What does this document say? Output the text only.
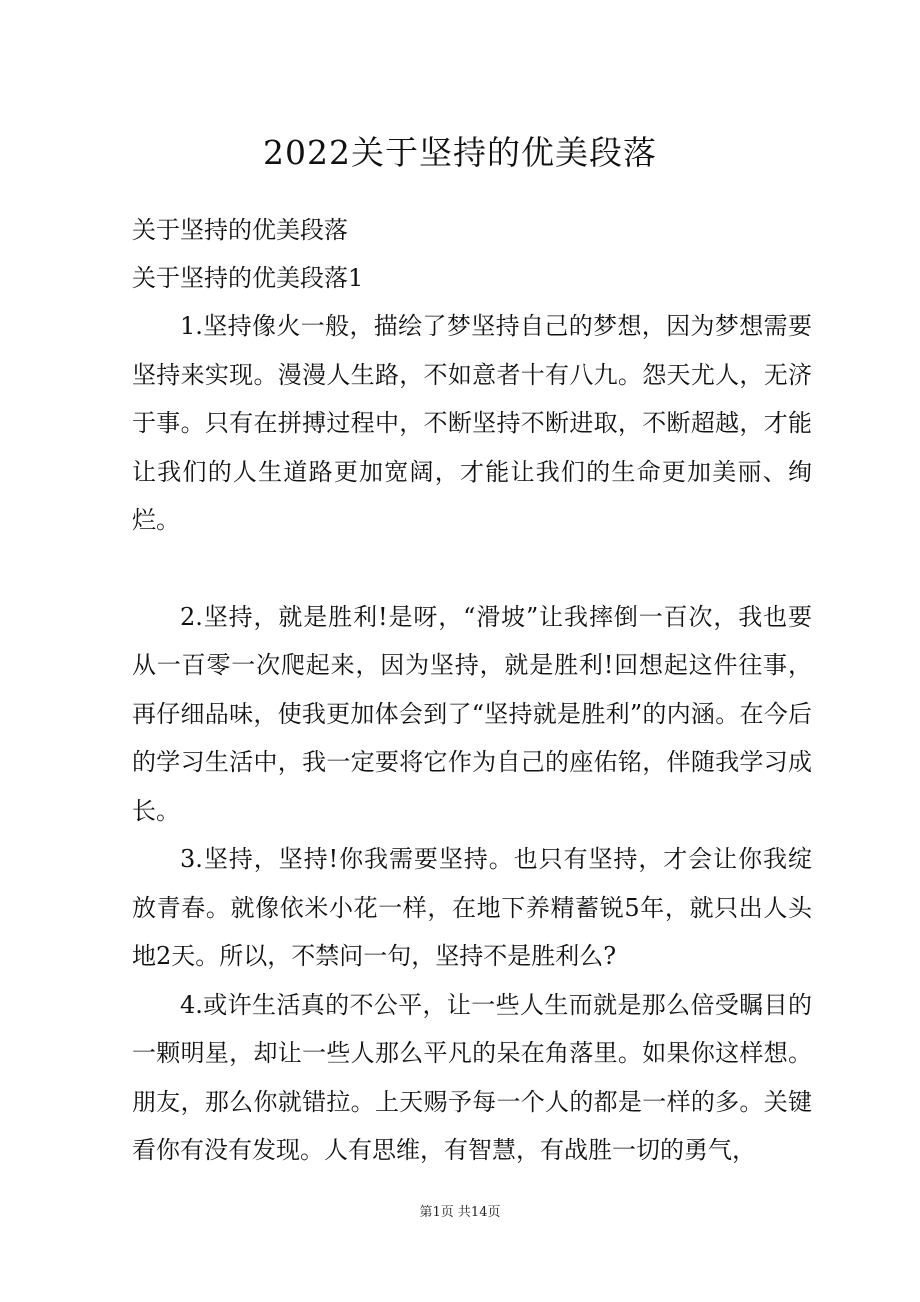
2022关于坚持的优美段落

关于坚持的优美段落

关于坚持的优美段落1

1.坚持像火一般，描绘了梦坚持自己的梦想，因为梦想需要坚持来实现。漫漫人生路，不如意者十有八九。怨天尤人，无济于事。只有在拼搏过程中，不断坚持不断进取，不断超越，才能让我们的人生道路更加宽阔，才能让我们的生命更加美丽、绚烂。

2.坚持，就是胜利!是呀，“滑坡”让我摔倒一百次，我也要从一百零一次爬起来，因为坚持，就是胜利!回想起这件往事，再仔细品味，使我更加体会到了“坚持就是胜利”的内涵。在今后的学习生活中，我一定要将它作为自己的座佑铭，伴随我学习成长。

3.坚持，坚持!你我需要坚持。也只有坚持，才会让你我绽放青春。就像依米小花一样，在地下养精蓄锐5年，就只出人头地2天。所以，不禁问一句，坚持不是胜利么?

4.或许生活真的不公平，让一些人生而就是那么倍受瞩目的一颗明星，却让一些人那么平凡的呆在角落里。如果你这样想。朋友，那么你就错拉。上天赐予每一个人的都是一样的多。关键看你有没有发现。人有思维，有智慧，有战胜一切的勇气，

第1页 共14页
